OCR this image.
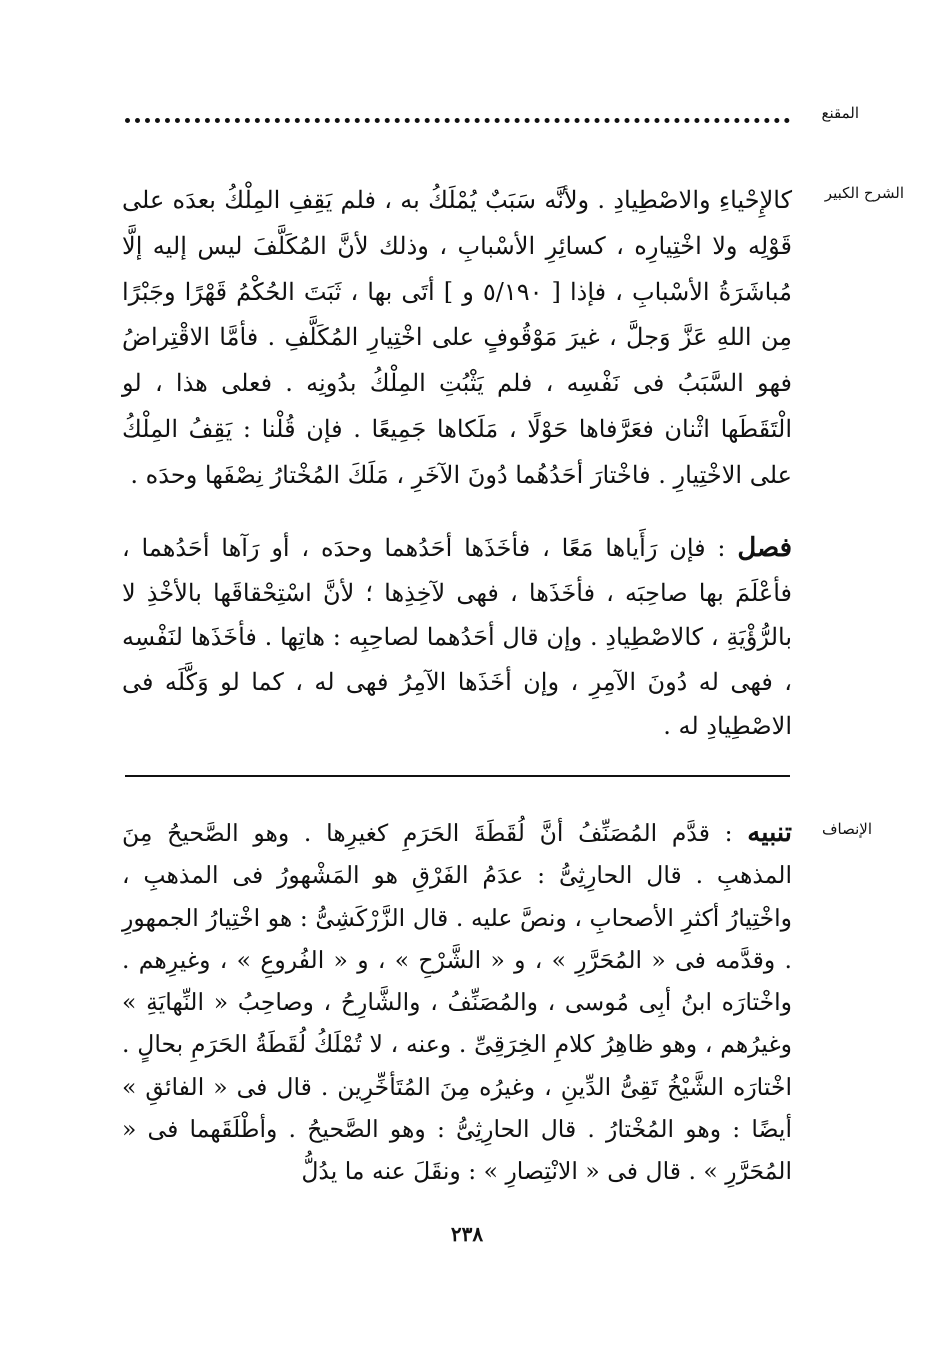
المقنع
الشرح الكبير

كالإِحْياءِ والاصْطِيادِ . ولأنَّه سَبَبٌ يُمْلَكُ به ، فلم يَقِفِ المِلْكُ بعدَه على قَوْلِه ولا اخْتِيارِه ، كسائِرِ الأسْبابِ ، وذلك لأنَّ المُكَلَّفَ ليس إليه إلَّا مُباشَرَةُ الأسْبابِ ، فإذا [ ٥/١٩٠ و ] أتَى بها ، ثَبَتَ الحُكْمُ قَهْرًا وجَبْرًا مِن اللهِ عَزَّ وَجلَّ ، غيرَ مَوْقُوفٍ على اخْتِيارِ المُكَلَّفِ . فأمَّا الاقْتِراضُ فهو السَّبَبُ فى نَفْسِه ، فلم يَثْبُتِ المِلْكُ بدُونِه . فعلى هذا ، لو الْتَقَطَها اثْنان فعَرَّفاها حَوْلًا ، مَلَكاها جَمِيعًا . فإن قُلْنا : يَقِفُ المِلْكُ على الاخْتِيارِ . فاخْتارَ أحَدُهُما دُونَ الآخَرِ ، مَلَكَ المُخْتارُ نِصْفَها وحدَه .

فصل : فإن رَأَياها مَعًا ، فأخَذَها أحَدُهما وحدَه ، أو رَآها أحَدُهما ، فأعْلَمَ بها صاحِبَه ، فأخَذَها ، فهى لآخِذِها ؛ لأنَّ اسْتِحْقاقَها بالأخْذِ لا بالرُّؤْيَةِ ، كالاصْطِيادِ . وإن قال أحَدُهما لصاحِبِه : هاتِها . فأخَذَها لنَفْسِه ، فهى له دُونَ الآمِرِ ، وإن أخَذَها الآمِرُ فهى له ، كما لو وَكَّلَه فى الاصْطِيادِ له .

الإنصاف

تنبيه : قدَّم المُصَنِّفُ أنَّ لُقَطَةَ الحَرَمِ كغيرِها . وهو الصَّحيحُ مِنَ المذهبِ . قال الحارِثِىُّ : عدَمُ الفَرْقِ هو المَشْهورُ فى المذهبِ ، واخْتِيارُ أكثرِ الأصحابِ ، ونصَّ عليه . قال الزَّرْكَشِىُّ : هو اخْتِيارُ الجمهورِ . وقدَّمه فى « المُحَرَّرِ » ، و « الشَّرْحِ » ، و « الفُروعِ » ، وغيرِهم . واخْتارَه ابنُ أبِى مُوسى ، والمُصَنِّفُ ، والشَّارِحُ ، وصاحِبُ « النِّهايَةِ » وغيرُهم ، وهو ظاهِرُ كلامِ الخِرَقِىِّ . وعنه ، لا تُمْلَكُ لُقَطَةُ الحَرَمِ بحالٍ . اخْتارَه الشَّيْخُ تَقِىُّ الدِّينِ ، وغيرُه مِنَ المُتَأخِّرِين . قال فى « الفائقِ » أيضًا : وهو المُخْتارُ . قال الحارِثِىُّ : وهو الصَّحيحُ . وأطْلَقَهما فى « المُحَرَّرِ » . قال فى « الانْتِصارِ » : ونقَلَ عنه ما يدُلُّ

٢٣٨
